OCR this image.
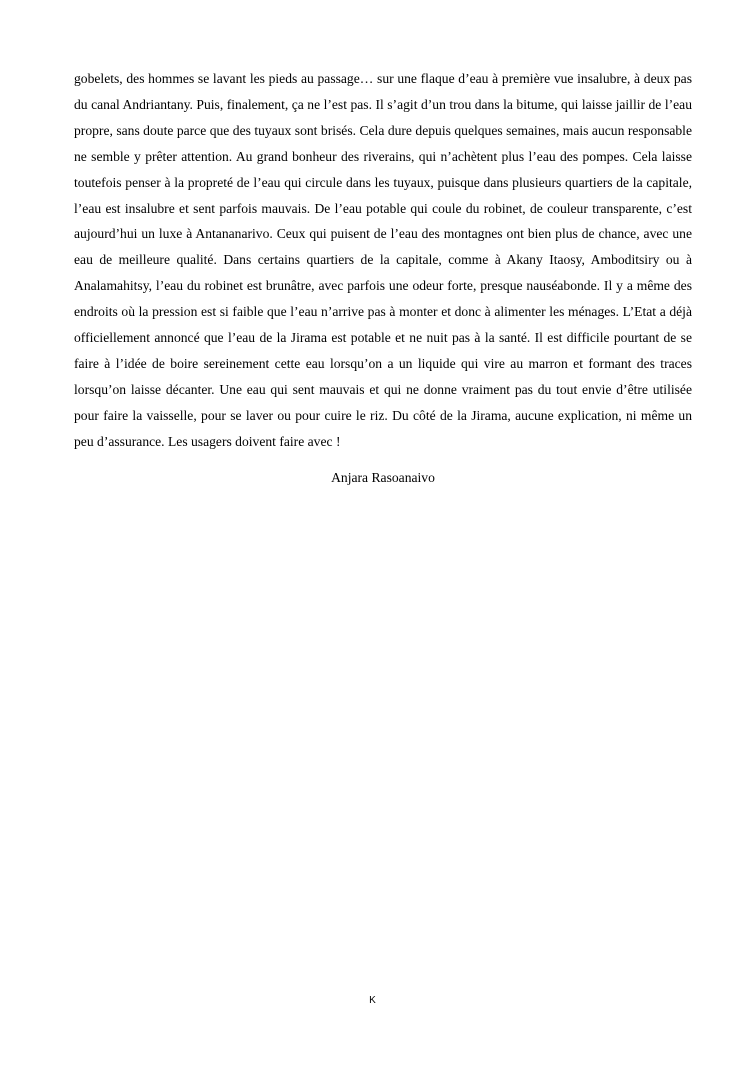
gobelets, des hommes se lavant les pieds au passage… sur une flaque d’eau à première vue insalubre, à deux pas du canal Andriantany. Puis, finalement, ça ne l’est pas. Il s’agit d’un trou dans la bitume, qui laisse jaillir de l’eau propre, sans doute parce que des tuyaux sont brisés. Cela dure depuis quelques semaines, mais aucun responsable ne semble y prêter attention. Au grand bonheur des riverains, qui n’achètent plus l’eau des pompes. Cela laisse toutefois penser à la propreté de l’eau qui circule dans les tuyaux, puisque dans plusieurs quartiers de la capitale, l’eau est insalubre et sent parfois mauvais. De l’eau potable qui coule du robinet, de couleur transparente, c’est aujourd’hui un luxe à Antananarivo. Ceux qui puisent de l’eau des montagnes ont bien plus de chance, avec une eau de meilleure qualité. Dans certains quartiers de la capitale, comme à Akany Itaosy, Amboditsiry ou à Analamahitsy, l’eau du robinet est brunâtre, avec parfois une odeur forte, presque nauséabonde. Il y a même des endroits où la pression est si faible que l’eau n’arrive pas à monter et donc à alimenter les ménages. L’Etat a déjà officiellement annoncé que l’eau de la Jirama est potable et ne nuit pas à la santé. Il est difficile pourtant de se faire à l’idée de boire sereinement cette eau lorsqu’on a un liquide qui vire au marron et formant des traces lorsqu’on laisse décanter. Une eau qui sent mauvais et qui ne donne vraiment pas du tout envie d’être utilisée pour faire la vaisselle, pour se laver ou pour cuire le riz. Du côté de la Jirama, aucune explication, ni même un peu d’assurance. Les usagers doivent faire avec !

Anjara Rasoanaivo

K
